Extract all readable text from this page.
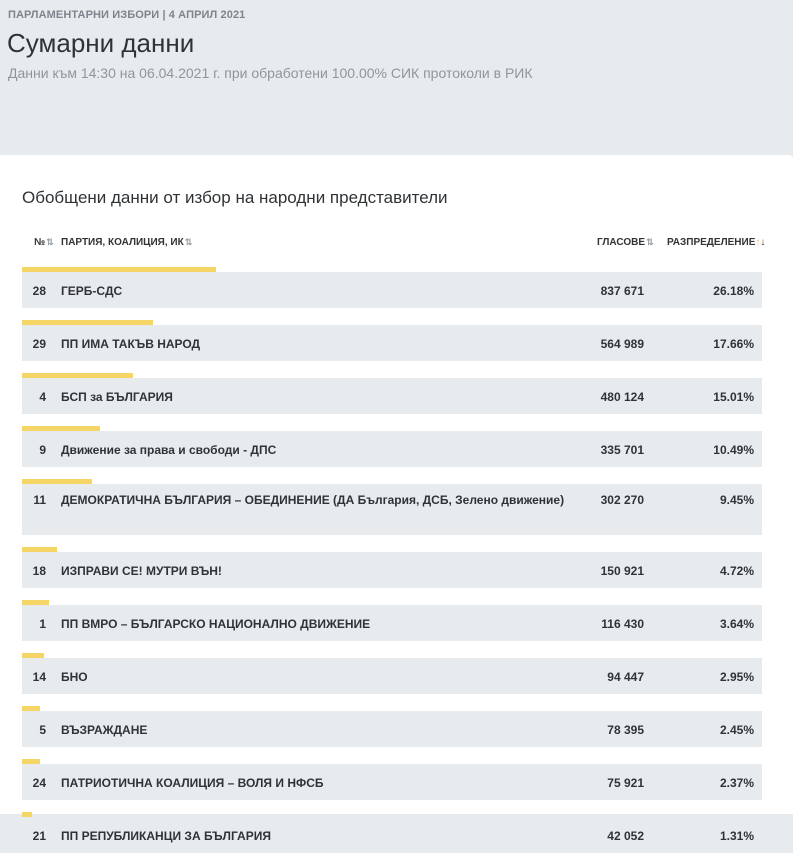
ПАРЛАМЕНТАРНИ ИЗБОРИ | 4 АПРИЛ 2021
Сумарни данни
Данни към 14:30 на 06.04.2021 г. при обработени 100.00% СИК протоколи в РИК
Обобщени данни от избор на народни представители
№⇅ ПАРТИЯ, КОАЛИЦИЯ, ИК⇅	ГЛАСОВЕ⇅ РАЗПРЕДЕЛЕНИЕ↑↓
28 ГЕРБ-СДС	837 671	26.18%
29 ПП ИМА ТАКЪВ НАРОД	564 989	17.66%
4 БСП за БЪЛГАРИЯ	480 124	15.01%
9 Движение за права и свободи - ДПС	335 701	10.49%
11 ДЕМОКРАТИЧНА БЪЛГАРИЯ – ОБЕДИНЕНИЕ (ДА България, ДСБ, Зелено движение)	302 270	9.45%
18 ИЗПРАВИ СЕ! МУТРИ ВЪН!	150 921	4.72%
1 ПП ВМРО – БЪЛГАРСКО НАЦИОНАЛНО ДВИЖЕНИЕ	116 430	3.64%
14 БНО	94 447	2.95%
5 ВЪЗРАЖДАНЕ	78 395	2.45%
24 ПАТРИОТИЧНА КОАЛИЦИЯ – ВОЛЯ И НФСБ	75 921	2.37%
21 ПП РЕПУБЛИКАНЦИ ЗА БЪЛГАРИЯ	42 052	1.31%
